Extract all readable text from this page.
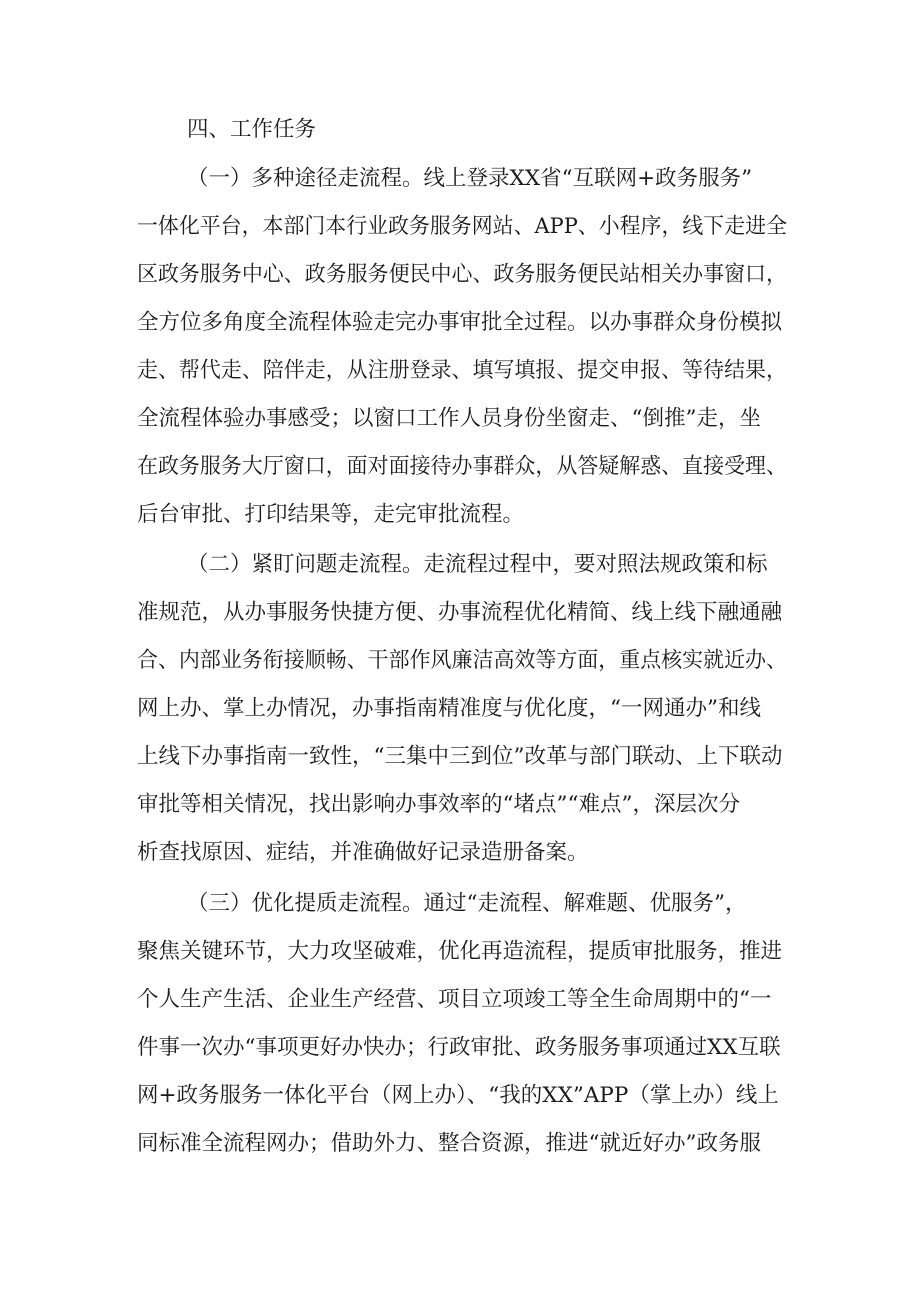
四、工作任务
（一）多种途径走流程。线上登录XX省“互联网+政务服务”
一体化平台，本部门本行业政务服务网站、APP、小程序，线下走进全
区政务服务中心、政务服务便民中心、政务服务便民站相关办事窗口，
全方位多角度全流程体验走完办事审批全过程。以办事群众身份模拟
走、帮代走、陪伴走，从注册登录、填写填报、提交申报、等待结果，
全流程体验办事感受；以窗口工作人员身份坐窗走、“倒推”走，坐
在政务服务大厅窗口，面对面接待办事群众，从答疑解惑、直接受理、
后台审批、打印结果等，走完审批流程。
（二）紧盯问题走流程。走流程过程中，要对照法规政策和标
准规范，从办事服务快捷方便、办事流程优化精简、线上线下融通融
合、内部业务衔接顺畅、干部作风廉洁高效等方面，重点核实就近办、
网上办、掌上办情况，办事指南精准度与优化度，“一网通办”和线
上线下办事指南一致性，“三集中三到位”改革与部门联动、上下联动
审批等相关情况，找出影响办事效率的“堵点”“难点”，深层次分
析查找原因、症结，并准确做好记录造册备案。
（三）优化提质走流程。通过“走流程、解难题、优服务”，
聚焦关键环节，大力攻坚破难，优化再造流程，提质审批服务，推进
个人生产生活、企业生产经营、项目立项竣工等全生命周期中的“一
件事一次办“事项更好办快办；行政审批、政务服务事项通过XX互联
网+政务服务一体化平台（网上办）、“我的XX”APP（掌上办）线上
同标准全流程网办；借助外力、整合资源，推进“就近好办”政务服
